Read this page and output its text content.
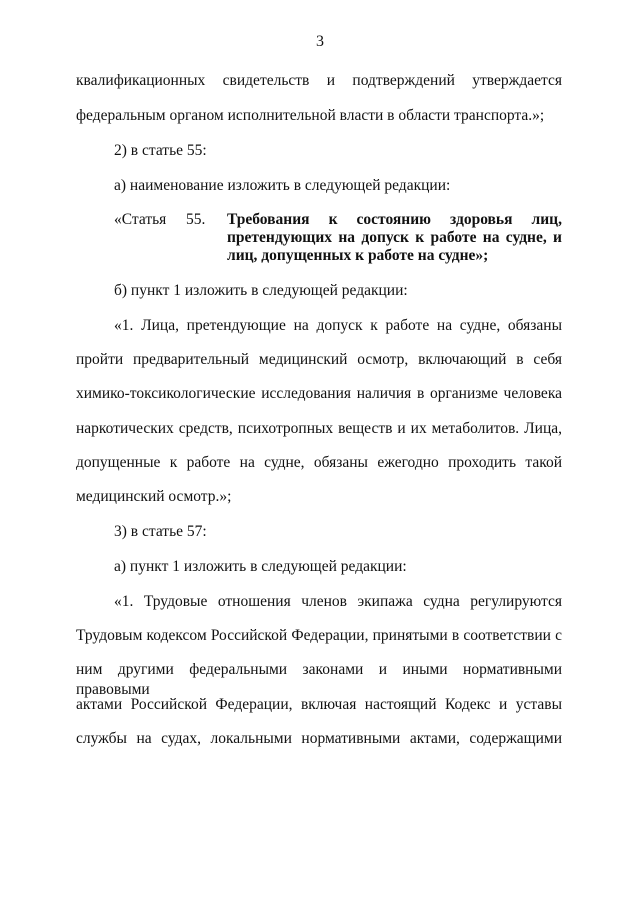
3
квалификационных свидетельств и подтверждений утверждается
федеральным органом исполнительной власти в области транспорта.»;
2) в статье 55:
а) наименование изложить в следующей редакции:
«Статья 55. Требования к состоянию здоровья лиц,
претендующих на допуск к работе на судне, и
лиц, допущенных к работе на судне»;
б) пункт 1 изложить в следующей редакции:
«1. Лица, претендующие на допуск к работе на судне, обязаны
пройти предварительный медицинский осмотр, включающий в себя
химико-токсикологические исследования наличия в организме человека
наркотических средств, психотропных веществ и их метаболитов. Лица,
допущенные к работе на судне, обязаны ежегодно проходить такой
медицинский осмотр.»;
3) в статье 57:
а) пункт 1 изложить в следующей редакции:
«1. Трудовые отношения членов экипажа судна регулируются
Трудовым кодексом Российской Федерации, принятыми в соответствии с
ним другими федеральными законами и иными нормативными правовыми
актами Российской Федерации, включая настоящий Кодекс и уставы
службы на судах, локальными нормативными актами, содержащими
